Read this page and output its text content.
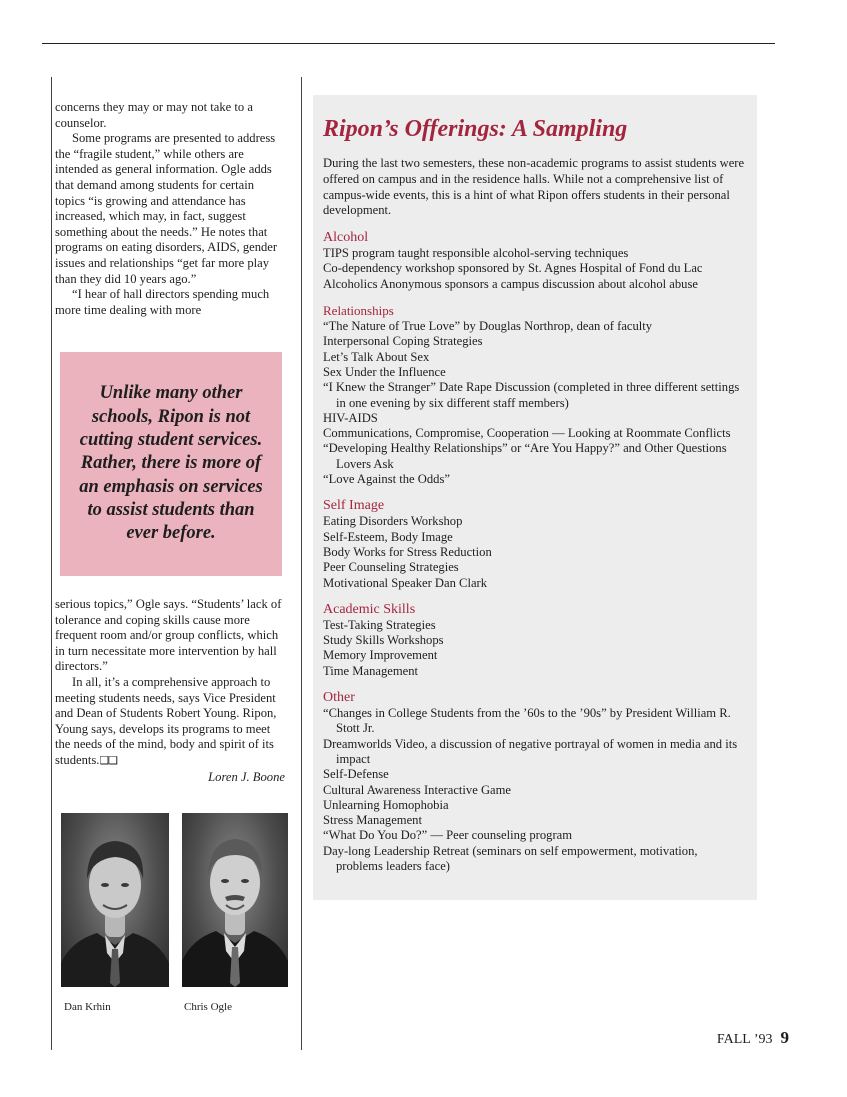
concerns they may or may not take to a counselor.

Some programs are presented to address the “fragile student,” while others are intended as general information. Ogle adds that demand among students for certain topics “is growing and attendance has increased, which may, in fact, suggest something about the needs.” He notes that programs on eating disorders, AIDS, gender issues and relationships “get far more play than they did 10 years ago.”

“I hear of hall directors spending much more time dealing with more

Unlike many other schools, Ripon is not cutting student services. Rather, there is more of an emphasis on services to assist students than ever before.

serious topics,” Ogle says. “Students’ lack of tolerance and coping skills cause more frequent room and/or group conflicts, which in turn necessitate more intervention by hall directors.”

In all, it’s a comprehensive approach to meeting students needs, says Vice President and Dean of Students Robert Young. Ripon, Young says, develops its programs to meet the needs of the mind, body and spirit of its students.❏❏

Loren J. Boone
Dan Krhin	Chris Ogle
Ripon’s Offerings: A Sampling

During the last two semesters, these non-academic programs to assist students were offered on campus and in the residence halls. While not a comprehensive list of campus-wide events, this is a hint of what Ripon offers students in their personal development.

Alcohol
TIPS program taught responsible alcohol-serving techniques
Co-dependency workshop sponsored by St. Agnes Hospital of Fond du Lac
Alcoholics Anonymous sponsors a campus discussion about alcohol abuse
Relationships
“The Nature of True Love” by Douglas Northrop, dean of faculty
Interpersonal Coping Strategies
Let’s Talk About Sex
Sex Under the Influence
“I Knew the Stranger” Date Rape Discussion (completed in three different settings in one evening by six different staff members)
HIV-AIDS
Communications, Compromise, Cooperation — Looking at Roommate Conflicts
“Developing Healthy Relationships” or “Are You Happy?” and Other Questions Lovers Ask
“Love Against the Odds”
Self Image
Eating Disorders Workshop
Self-Esteem, Body Image
Body Works for Stress Reduction
Peer Counseling Strategies
Motivational Speaker Dan Clark
Academic Skills
Test-Taking Strategies
Study Skills Workshops
Memory Improvement
Time Management
Other
“Changes in College Students from the ’60s to the ’90s” by President William R. Stott Jr.
Dreamworlds Video, a discussion of negative portrayal of women in media and its impact
Self-Defense
Cultural Awareness Interactive Game
Unlearning Homophobia
Stress Management
“What Do You Do?” — Peer counseling program
Day-long Leadership Retreat (seminars on self empowerment, motivation, problems leaders face)
FALL ’93 9
